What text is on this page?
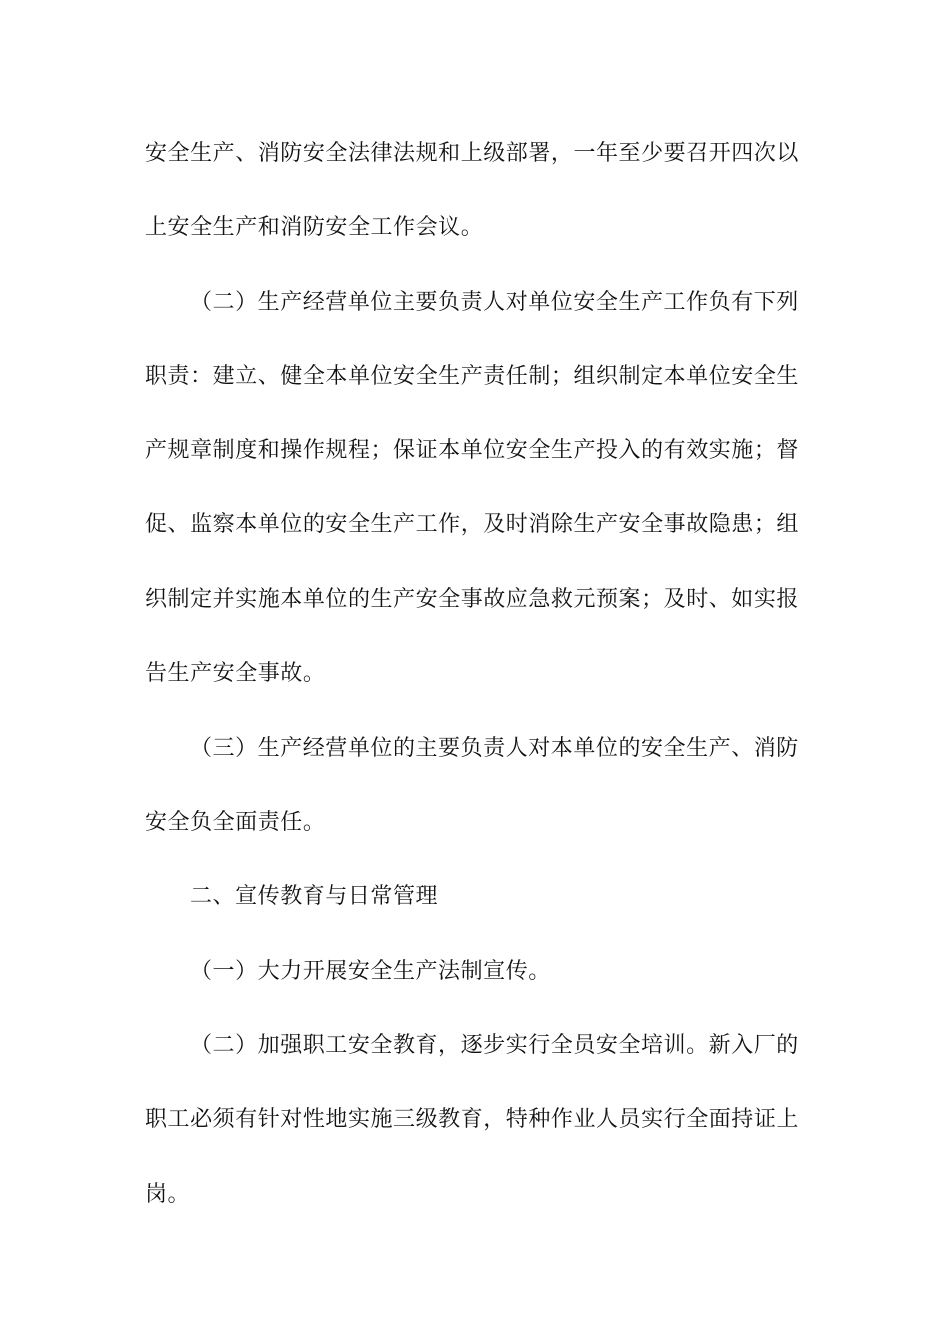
安全生产、消防安全法律法规和上级部署，一年至少要召开四次以
上安全生产和消防安全工作会议。
（二）生产经营单位主要负责人对单位安全生产工作负有下列
职责：建立、健全本单位安全生产责任制；组织制定本单位安全生
产规章制度和操作规程；保证本单位安全生产投入的有效实施；督
促、监察本单位的安全生产工作，及时消除生产安全事故隐患；组
织制定并实施本单位的生产安全事故应急救元预案；及时、如实报
告生产安全事故。
（三）生产经营单位的主要负责人对本单位的安全生产、消防
安全负全面责任。
二、宣传教育与日常管理
（一）大力开展安全生产法制宣传。
（二）加强职工安全教育，逐步实行全员安全培训。新入厂的
职工必须有针对性地实施三级教育，特种作业人员实行全面持证上
岗。
